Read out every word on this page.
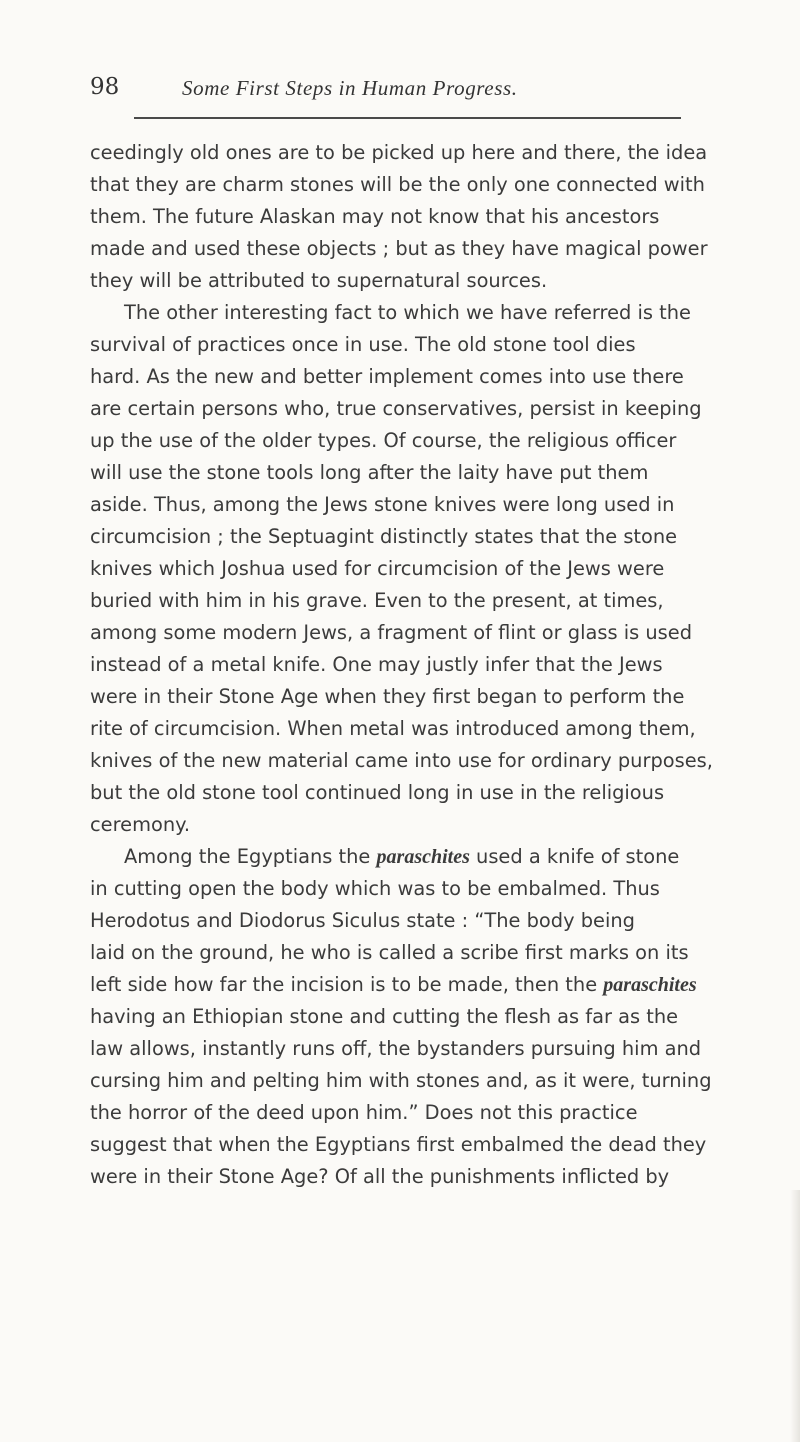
98	Some First Steps in Human Progress.
ceedingly old ones are to be picked up here and there, the idea
that they are charm stones will be the only one connected with
them. The future Alaskan may not know that his ancestors
made and used these objects ; but as they have magical power
they will be attributed to supernatural sources.
The other interesting fact to which we have referred is the
survival of practices once in use. The old stone tool dies
hard. As the new and better implement comes into use there
are certain persons who, true conservatives, persist in keeping
up the use of the older types. Of course, the religious officer
will use the stone tools long after the laity have put them
aside. Thus, among the Jews stone knives were long used in
circumcision ; the Septuagint distinctly states that the stone
knives which Joshua used for circumcision of the Jews were
buried with him in his grave. Even to the present, at times,
among some modern Jews, a fragment of flint or glass is used
instead of a metal knife. One may justly infer that the Jews
were in their Stone Age when they first began to perform the
rite of circumcision. When metal was introduced among them,
knives of the new material came into use for ordinary purposes,
but the old stone tool continued long in use in the religious
ceremony.
Among the Egyptians the paraschites used a knife of stone
in cutting open the body which was to be embalmed. Thus
Herodotus and Diodorus Siculus state : “The body being
laid on the ground, he who is called a scribe first marks on its
left side how far the incision is to be made, then the paraschites
having an Ethiopian stone and cutting the flesh as far as the
law allows, instantly runs off, the bystanders pursuing him and
cursing him and pelting him with stones and, as it were, turning
the horror of the deed upon him.” Does not this practice
suggest that when the Egyptians first embalmed the dead they
were in their Stone Age? Of all the punishments inflicted by
